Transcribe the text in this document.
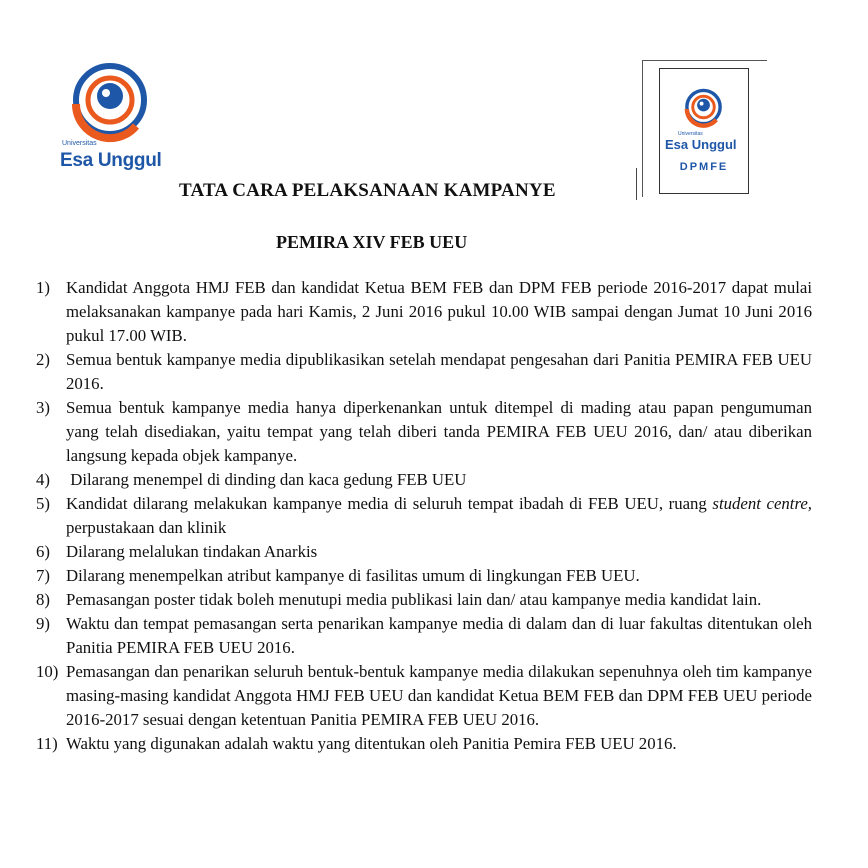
Universitas
Esa Unggul
Universitas
Esa Unggul
DPMFE
TATA CARA PELAKSANAAN KAMPANYE
PEMIRA XIV FEB UEU
1) Kandidat Anggota HMJ FEB dan kandidat Ketua BEM FEB dan DPM FEB periode 2016-2017 dapat mulai melaksanakan kampanye pada hari Kamis, 2 Juni 2016 pukul 10.00 WIB sampai dengan Jumat 10 Juni 2016 pukul 17.00 WIB.
2) Semua bentuk kampanye media dipublikasikan setelah mendapat pengesahan dari Panitia PEMIRA FEB UEU 2016.
3) Semua bentuk kampanye media hanya diperkenankan untuk ditempel di mading atau papan pengumuman yang telah disediakan, yaitu tempat yang telah diberi tanda PEMIRA FEB UEU 2016, dan/ atau diberikan langsung kepada objek kampanye.
4) Dilarang menempel di dinding dan kaca gedung FEB UEU
5) Kandidat dilarang melakukan kampanye media di seluruh tempat ibadah di FEB UEU, ruang student centre, perpustakaan dan klinik
6) Dilarang melalukan tindakan Anarkis
7) Dilarang menempelkan atribut kampanye di fasilitas umum di lingkungan FEB UEU.
8) Pemasangan poster tidak boleh menutupi media publikasi lain dan/ atau kampanye media kandidat lain.
9) Waktu dan tempat pemasangan serta penarikan kampanye media di dalam dan di luar fakultas ditentukan oleh Panitia PEMIRA FEB UEU 2016.
10) Pemasangan dan penarikan seluruh bentuk-bentuk kampanye media dilakukan sepenuhnya oleh tim kampanye masing-masing kandidat Anggota HMJ FEB UEU dan kandidat Ketua BEM FEB dan DPM FEB UEU periode 2016-2017 sesuai dengan ketentuan Panitia PEMIRA FEB UEU 2016.
11) Waktu yang digunakan adalah waktu yang ditentukan oleh Panitia Pemira FEB UEU 2016.
